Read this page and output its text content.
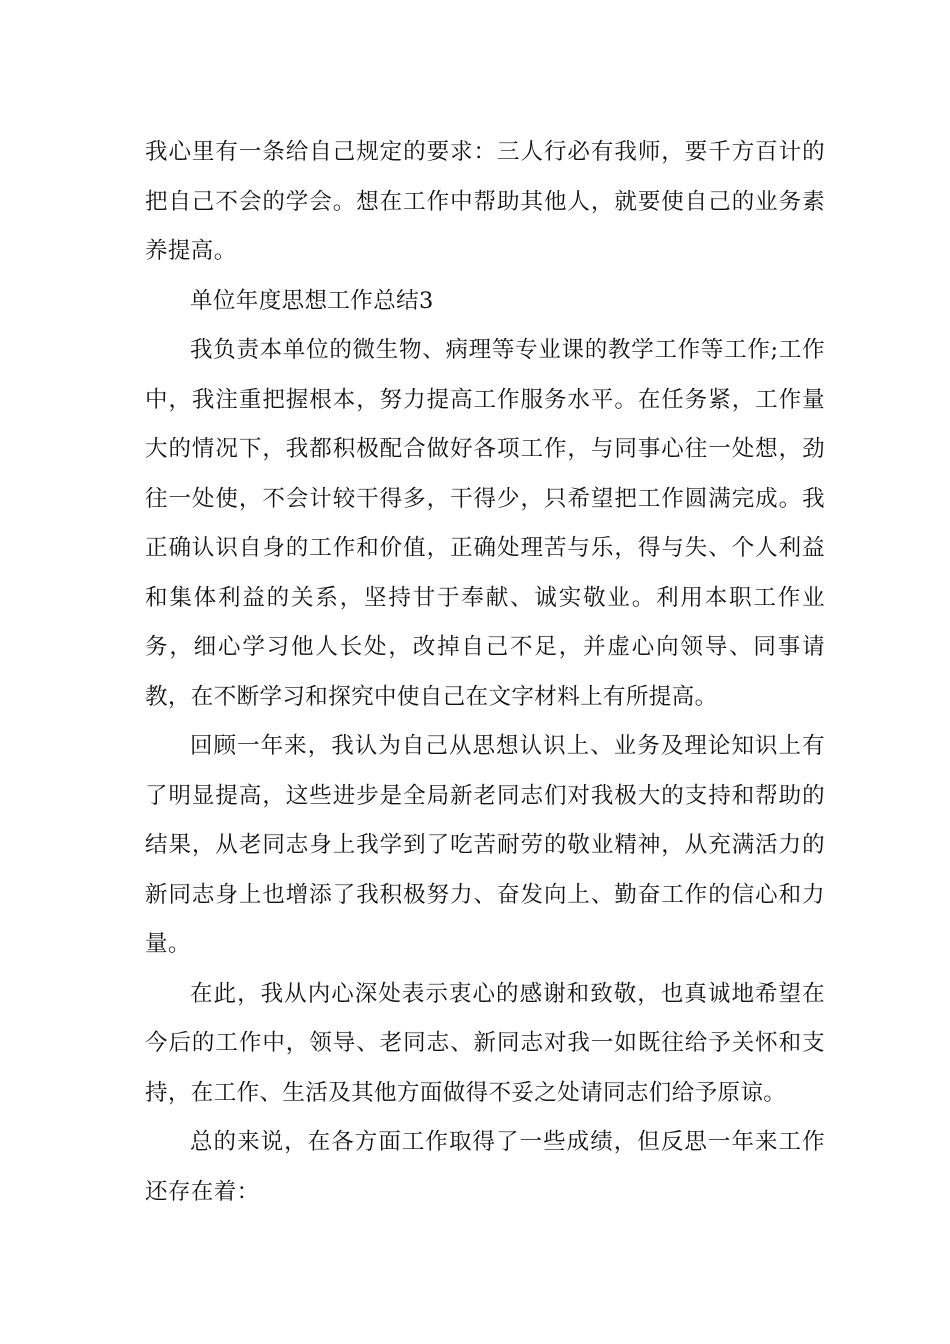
我心里有一条给自己规定的要求：三人行必有我师，要千方百计的把自己不会的学会。想在工作中帮助其他人，就要使自己的业务素养提高。

单位年度思想工作总结3

我负责本单位的微生物、病理等专业课的教学工作等工作;工作中，我注重把握根本，努力提高工作服务水平。在任务紧，工作量大的情况下，我都积极配合做好各项工作，与同事心往一处想，劲往一处使，不会计较干得多，干得少，只希望把工作圆满完成。我正确认识自身的工作和价值，正确处理苦与乐，得与失、个人利益和集体利益的关系，坚持甘于奉献、诚实敬业。利用本职工作业务，细心学习他人长处，改掉自己不足，并虚心向领导、同事请教，在不断学习和探究中使自己在文字材料上有所提高。

回顾一年来，我认为自己从思想认识上、业务及理论知识上有了明显提高，这些进步是全局新老同志们对我极大的支持和帮助的结果，从老同志身上我学到了吃苦耐劳的敬业精神，从充满活力的新同志身上也增添了我积极努力、奋发向上、勤奋工作的信心和力量。

在此，我从内心深处表示衷心的感谢和致敬，也真诚地希望在今后的工作中，领导、老同志、新同志对我一如既往给予关怀和支持，在工作、生活及其他方面做得不妥之处请同志们给予原谅。

总的来说，在各方面工作取得了一些成绩，但反思一年来工作还存在着：
